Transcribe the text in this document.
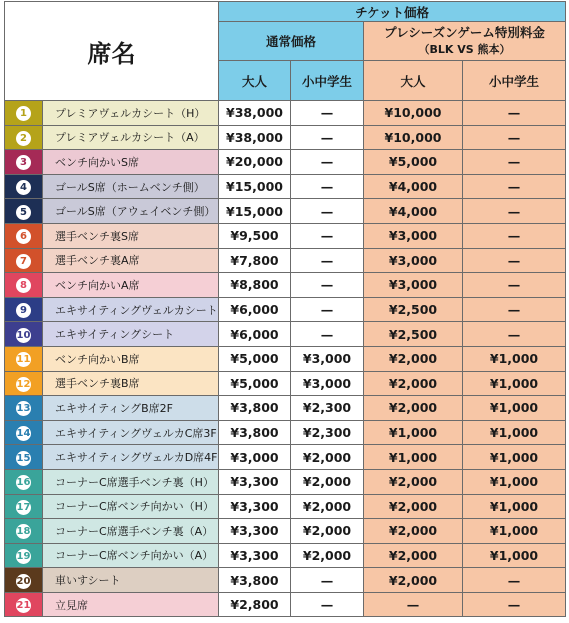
席名		チケット価格			
		通常価格		プレシーズンゲーム特別料金
（BLK VS 熊本）	

		大人	小中学生	大人	小中学生
1	プレミアヴェルカシート（H）	¥38,000	—	¥10,000	—
2	プレミアヴェルカシート（A）	¥38,000	—	¥10,000	—
3	ベンチ向かいS席	¥20,000	—	¥5,000	—
4	ゴールS席（ホームベンチ側）	¥15,000	—	¥4,000	—
5	ゴールS席（アウェイベンチ側）	¥15,000	—	¥4,000	—
6	選手ベンチ裏S席	¥9,500	—	¥3,000	—
7	選手ベンチ裏A席	¥7,800	—	¥3,000	—
8	ベンチ向かいA席	¥8,800	—	¥3,000	—
9	エキサイティングヴェルカシート	¥6,000	—	¥2,500	—
10	エキサイティングシート	¥6,000	—	¥2,500	—
11	ベンチ向かいB席	¥5,000	¥3,000	¥2,000	¥1,000
12	選手ベンチ裏B席	¥5,000	¥3,000	¥2,000	¥1,000
13	エキサイティングB席2F	¥3,800	¥2,300	¥2,000	¥1,000
14	エキサイティングヴェルカC席3F	¥3,800	¥2,300	¥1,000	¥1,000
15	エキサイティングヴェルカD席4F	¥3,000	¥2,000	¥1,000	¥1,000
16	コーナーC席選手ベンチ裏（H）	¥3,300	¥2,000	¥2,000	¥1,000
17	コーナーC席ベンチ向かい（H）	¥3,300	¥2,000	¥2,000	¥1,000
18	コーナーC席選手ベンチ裏（A）	¥3,300	¥2,000	¥2,000	¥1,000
19	コーナーC席ベンチ向かい（A）	¥3,300	¥2,000	¥2,000	¥1,000
20	車いすシート	¥3,800	—	¥2,000	—
21	立見席	¥2,800	—	—	—
